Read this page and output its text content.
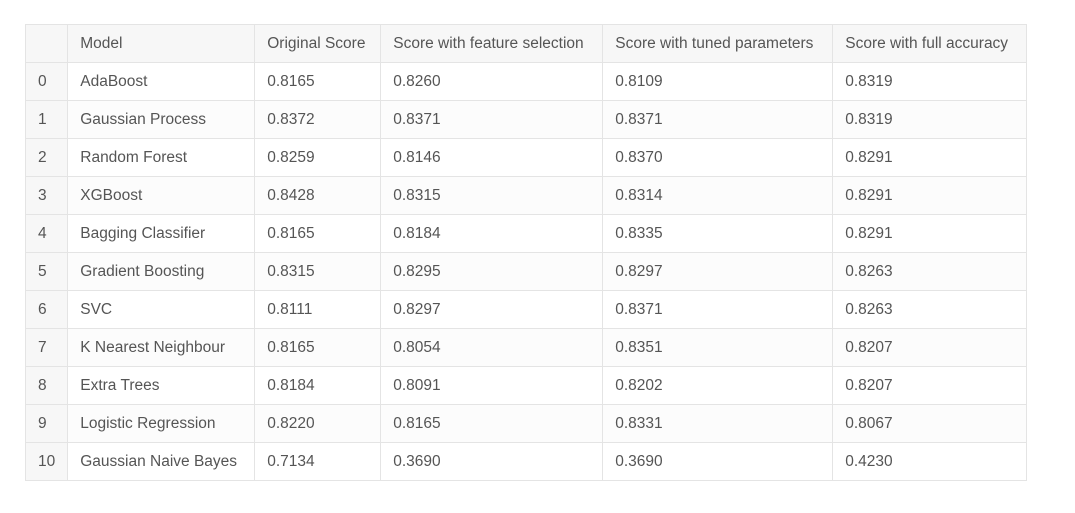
	Model	Original Score	Score with feature selection	Score with tuned parameters	Score with full accuracy
0	AdaBoost	0.8165	0.8260	0.8109	0.8319
1	Gaussian Process	0.8372	0.8371	0.8371	0.8319
2	Random Forest	0.8259	0.8146	0.8370	0.8291
3	XGBoost	0.8428	0.8315	0.8314	0.8291
4	Bagging Classifier	0.8165	0.8184	0.8335	0.8291
5	Gradient Boosting	0.8315	0.8295	0.8297	0.8263
6	SVC	0.8111	0.8297	0.8371	0.8263
7	K Nearest Neighbour	0.8165	0.8054	0.8351	0.8207
8	Extra Trees	0.8184	0.8091	0.8202	0.8207
9	Logistic Regression	0.8220	0.8165	0.8331	0.8067
10	Gaussian Naive Bayes	0.7134	0.3690	0.3690	0.4230
